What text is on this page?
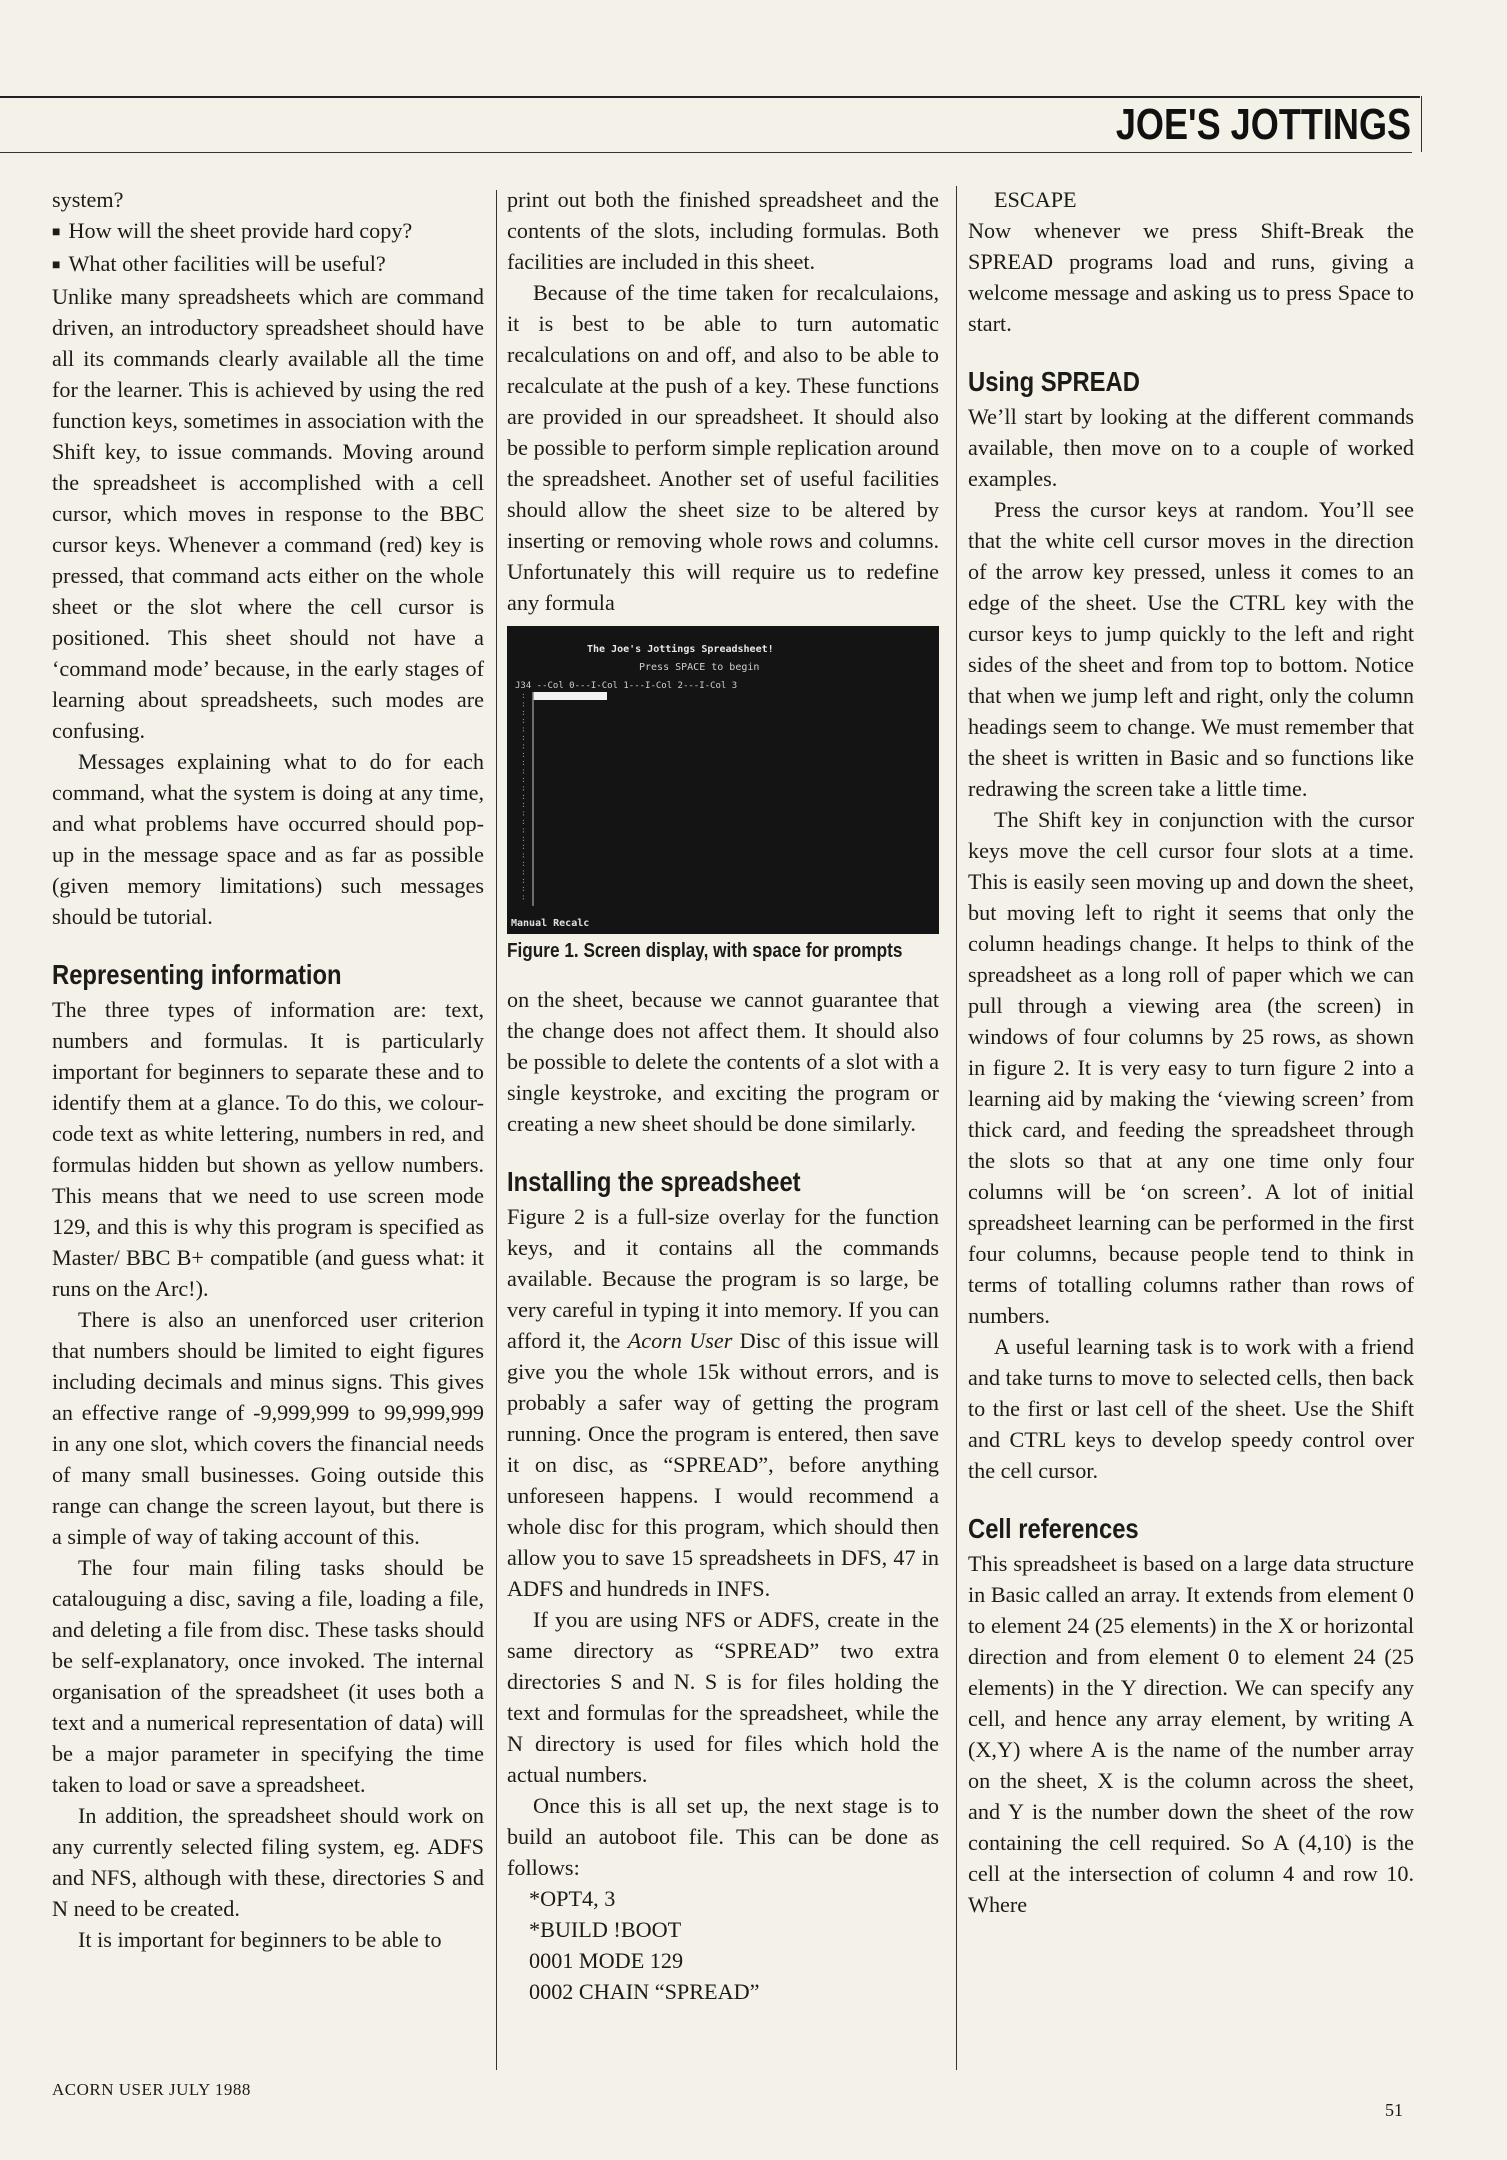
JOE'S JOTTINGS

system?

■ How will the sheet provide hard copy?

■ What other facilities will be useful?

Unlike many spreadsheets which are command driven, an introductory spreadsheet should have all its commands clearly available all the time for the learner. This is achieved by using the red function keys, sometimes in association with the Shift key, to issue commands. Moving around the spreadsheet is accomplished with a cell cursor, which moves in response to the BBC cursor keys. Whenever a command (red) key is pressed, that command acts either on the whole sheet or the slot where the cell cursor is positioned. This sheet should not have a ‘command mode’ because, in the early stages of learning about spreadsheets, such modes are confusing.

Messages explaining what to do for each command, what the system is doing at any time, and what problems have occurred should pop-up in the message space and as far as possible (given memory limitations) such messages should be tutorial.

Representing information

The three types of information are: text, numbers and formulas. It is particularly important for beginners to separate these and to identify them at a glance. To do this, we colour-code text as white lettering, numbers in red, and formulas hidden but shown as yellow numbers. This means that we need to use screen mode 129, and this is why this program is specified as Master/ BBC B+ compatible (and guess what: it runs on the Arc!).

There is also an unenforced user criterion that numbers should be limited to eight figures including decimals and minus signs. This gives an effective range of -9,999,999 to 99,999,999 in any one slot, which covers the financial needs of many small businesses. Going outside this range can change the screen layout, but there is a simple of way of taking account of this.

The four main filing tasks should be catalouguing a disc, saving a file, loading a file, and deleting a file from disc. These tasks should be self-explanatory, once invoked. The internal organisation of the spreadsheet (it uses both a text and a numerical representation of data) will be a major parameter in specifying the time taken to load or save a spreadsheet.

In addition, the spreadsheet should work on any currently selected filing system, eg. ADFS and NFS, although with these, directories S and N need to be created.

It is important for beginners to be able to

print out both the finished spreadsheet and the contents of the slots, including formulas. Both facilities are included in this sheet.

Because of the time taken for recalculaions, it is best to be able to turn automatic recalculations on and off, and also to be able to recalculate at the push of a key. These functions are provided in our spreadsheet. It should also be possible to perform simple replication around the spreadsheet. Another set of useful facilities should allow the sheet size to be altered by inserting or removing whole rows and columns. Unfortunately this will require us to redefine any formula

The Joe's Jottings Spreadsheet!
Press SPACE to begin
J34 --Col 0---I-Col 1---I-Col 2---I-Col 3
:
:
:
:
:
:
:
:
:
:
:
:
:
:
:
:
:
:
:
:
:
:
:
:
:
Manual Recalc
Figure 1. Screen display, with space for prompts

on the sheet, because we cannot guarantee that the change does not affect them. It should also be possible to delete the contents of a slot with a single keystroke, and exciting the program or creating a new sheet should be done similarly.

Installing the spreadsheet

Figure 2 is a full-size overlay for the function keys, and it contains all the commands available. Because the program is so large, be very careful in typing it into memory. If you can afford it, the Acorn User Disc of this issue will give you the whole 15k without errors, and is probably a safer way of getting the program running. Once the program is entered, then save it on disc, as “SPREAD”, before anything unforeseen happens. I would recommend a whole disc for this program, which should then allow you to save 15 spreadsheets in DFS, 47 in ADFS and hundreds in INFS.

If you are using NFS or ADFS, create in the same directory as “SPREAD” two extra directories S and N. S is for files holding the text and formulas for the spreadsheet, while the N directory is used for files which hold the actual numbers.

Once this is all set up, the next stage is to build an autoboot file. This can be done as follows:

*OPT4, 3
*BUILD !BOOT
0001 MODE 129
0002 CHAIN “SPREAD”

ESCAPE

Now whenever we press Shift-Break the SPREAD programs load and runs, giving a welcome message and asking us to press Space to start.

Using SPREAD

We’ll start by looking at the different commands available, then move on to a couple of worked examples.

Press the cursor keys at random. You’ll see that the white cell cursor moves in the direction of the arrow key pressed, unless it comes to an edge of the sheet. Use the CTRL key with the cursor keys to jump quickly to the left and right sides of the sheet and from top to bottom. Notice that when we jump left and right, only the column headings seem to change. We must remember that the sheet is written in Basic and so functions like redrawing the screen take a little time.

The Shift key in conjunction with the cursor keys move the cell cursor four slots at a time. This is easily seen moving up and down the sheet, but moving left to right it seems that only the column headings change. It helps to think of the spreadsheet as a long roll of paper which we can pull through a viewing area (the screen) in windows of four columns by 25 rows, as shown in figure 2. It is very easy to turn figure 2 into a learning aid by making the ‘viewing screen’ from thick card, and feeding the spreadsheet through the slots so that at any one time only four columns will be ‘on screen’. A lot of initial spreadsheet learning can be performed in the first four columns, because people tend to think in terms of totalling columns rather than rows of numbers.

A useful learning task is to work with a friend and take turns to move to selected cells, then back to the first or last cell of the sheet. Use the Shift and CTRL keys to develop speedy control over the cell cursor.

Cell references

This spreadsheet is based on a large data structure in Basic called an array. It extends from element 0 to element 24 (25 elements) in the X or horizontal direction and from element 0 to element 24 (25 elements) in the Y direction. We can specify any cell, and hence any array element, by writing A (X,Y) where A is the name of the number array on the sheet, X is the column across the sheet, and Y is the number down the sheet of the row containing the cell required. So A (4,10) is the cell at the intersection of column 4 and row 10. Where

ACORN USER JULY 1988
51
